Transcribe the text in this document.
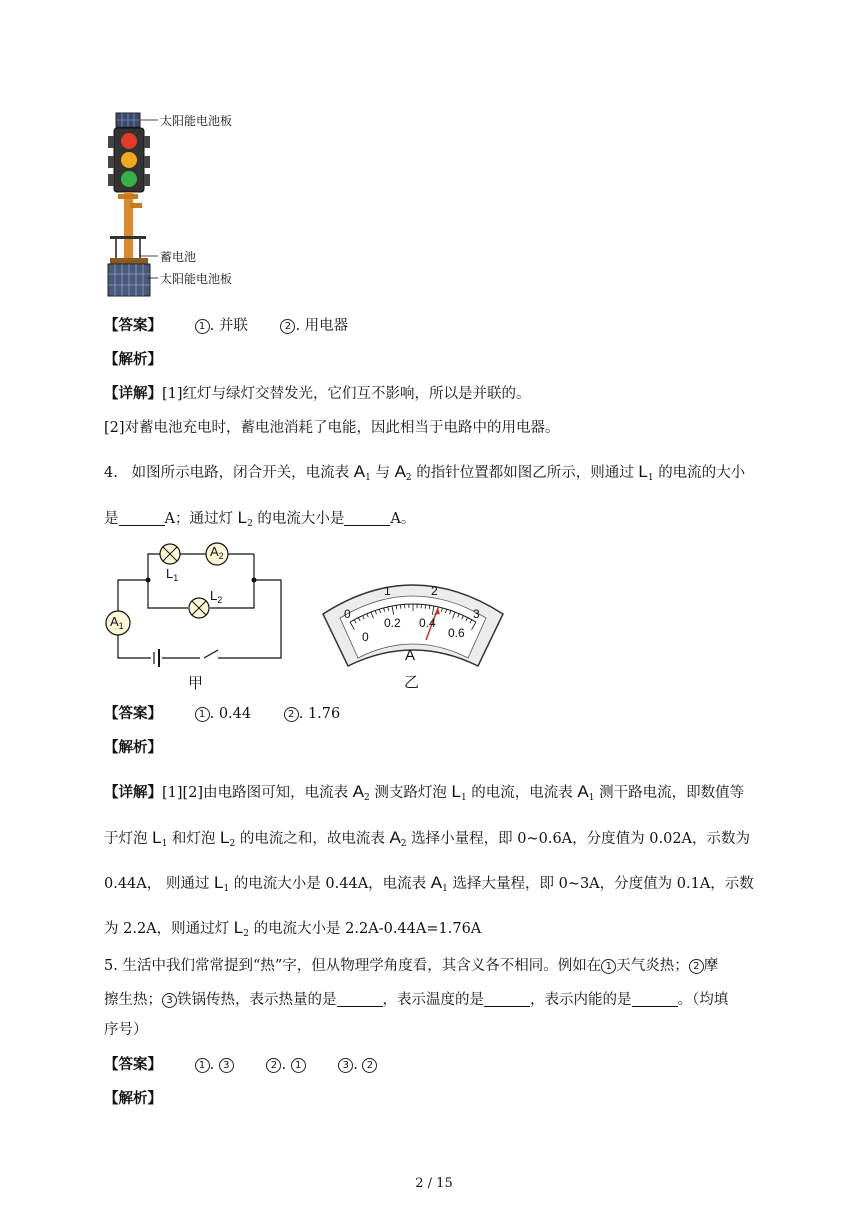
太阳能电池板
蓄电池
太阳能电池板
【答案】	1 . 并联	2 . 用电器
【解析】
【详解】[1]红灯与绿灯交替发光，它们互不影响，所以是并联的。
[2]对蓄电池充电时，蓄电池消耗了电能，因此相当于电路中的用电器。
4. 如图所示电路，闭合开关，电流表 $A_1$ 与 $A_2$ 的指针位置都如图乙所示，则通过 $L_1$ 的电流的大小
是	A；通过灯 $L_2$ 的电流大小是	A。
$A_2$
$L_1$
$L_2$
$A_1$
甲
0
1	2
3
0
0.2 0.4
0.6
A
乙
【答案】	1 . 0.44	2 . 1.76
【解析】
【详解】[1][2]由电路图可知，电流表 $A_2$ 测支路灯泡 $L_1$ 的电流，电流表 $A_1$ 测干路电流，即数值等
于灯泡 $L_1$ 和灯泡 $L_2$ 的电流之和，故电流表 $A_2$ 选择小量程，即 0~0.6A，分度值为 0.02A，示数为
0.44A， 则通过 $L_1$ 的电流大小是 0.44A，电流表 $A_1$ 选择大量程，即 0~3A，分度值为 0.1A，示数
为 2.2A，则通过灯 $L_2$ 的电流大小是 2.2A-0.44A=1.76A
5. 生活中我们常常提到“热”字，但从物理学角度看，其含义各不相同。例如在 1 天气炎热； 2 摩
擦生热； 3 铁锅传热，表示热量的是	，表示温度的是	，表示内能的是	。（均填
序号）
【答案】	1 . 3	2 . 1	3 . 2
【解析】
2 / 15
